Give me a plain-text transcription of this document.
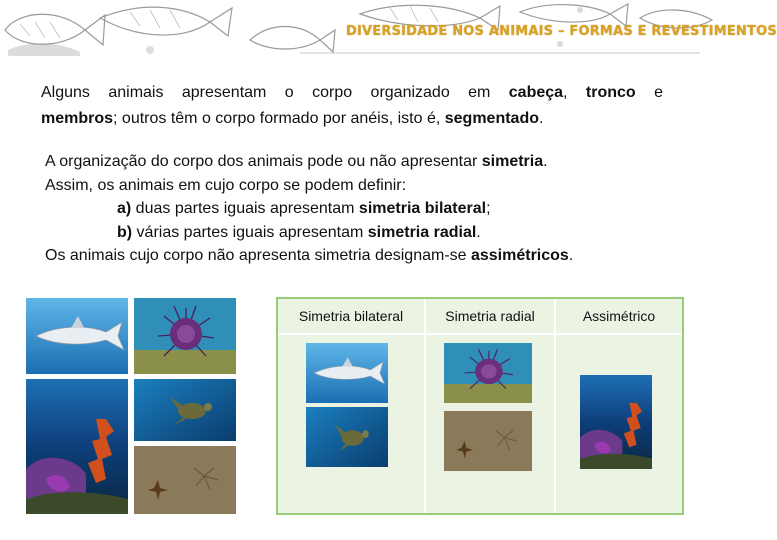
DIVERSIDADE NOS ANIMAIS – FORMAS E REVESTIMENTOS
Alguns animais apresentam o corpo organizado em cabeça, tronco e
membros; outros têm o corpo formado por anéis, isto é, segmentado.
A organização do corpo dos animais pode ou não apresentar simetria.
Assim, os animais em cujo corpo se podem definir:
a) duas partes iguais apresentam simetria bilateral;
b) várias partes iguais apresentam simetria radial.
Os animais cujo corpo não apresenta simetria designam-se assimétricos.
Simetria bilateral	Simetria radial	Assimétrico
